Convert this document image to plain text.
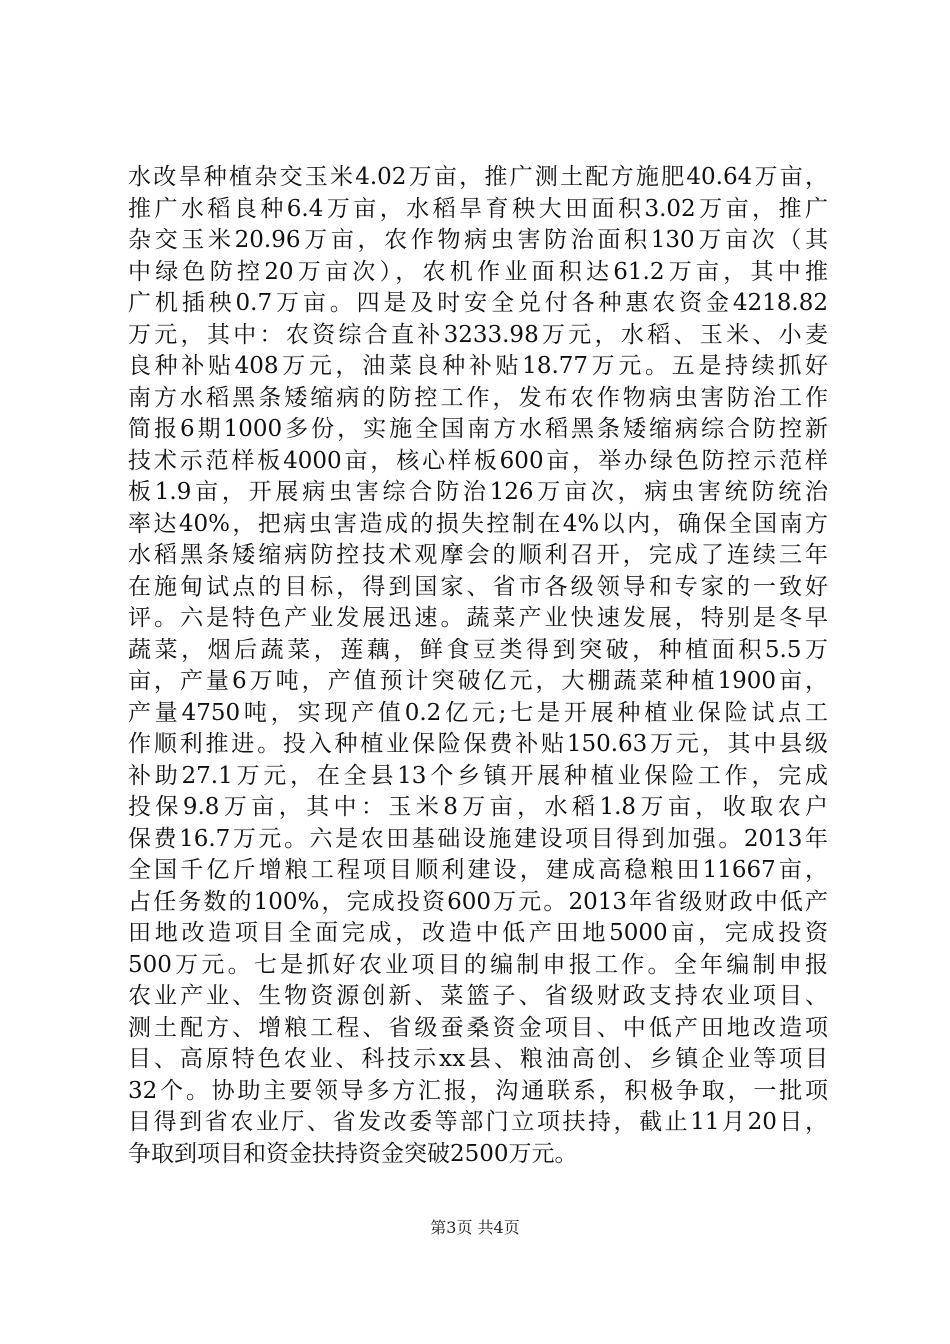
水改旱种植杂交玉米4.02万亩，推广测土配方施肥40.64万亩，
推广水稻良种6.4万亩，水稻旱育秧大田面积3.02万亩，推广
杂交玉米20.96万亩，农作物病虫害防治面积130万亩次（其
中绿色防控20万亩次），农机作业面积达61.2万亩，其中推
广机插秧0.7万亩。四是及时安全兑付各种惠农资金4218.82
万元，其中：农资综合直补3233.98万元，水稻、玉米、小麦
良种补贴408万元，油菜良种补贴18.77万元。五是持续抓好
南方水稻黑条矮缩病的防控工作，发布农作物病虫害防治工作
简报6期1000多份，实施全国南方水稻黑条矮缩病综合防控新
技术示范样板4000亩，核心样板600亩，举办绿色防控示范样
板1.9亩，开展病虫害综合防治126万亩次，病虫害统防统治
率达40%，把病虫害造成的损失控制在4%以内，确保全国南方
水稻黑条矮缩病防控技术观摩会的顺利召开，完成了连续三年
在施甸试点的目标，得到国家、省市各级领导和专家的一致好
评。六是特色产业发展迅速。蔬菜产业快速发展，特别是冬早
蔬菜，烟后蔬菜，莲藕，鲜食豆类得到突破，种植面积5.5万
亩，产量6万吨，产值预计突破亿元，大棚蔬菜种植1900亩，
产量4750吨，实现产值0.2亿元;七是开展种植业保险试点工
作顺利推进。投入种植业保险保费补贴150.63万元，其中县级
补助27.1万元，在全县13个乡镇开展种植业保险工作，完成
投保9.8万亩，其中：玉米8万亩，水稻1.8万亩，收取农户
保费16.7万元。六是农田基础设施建设项目得到加强。2013年
全国千亿斤增粮工程项目顺利建设，建成高稳粮田11667亩，
占任务数的100%，完成投资600万元。2013年省级财政中低产
田地改造项目全面完成，改造中低产田地5000亩，完成投资
500万元。七是抓好农业项目的编制申报工作。全年编制申报
农业产业、生物资源创新、菜篮子、省级财政支持农业项目、
测土配方、增粮工程、省级蚕桑资金项目、中低产田地改造项
目、高原特色农业、科技示xx县、粮油高创、乡镇企业等项目
32个。协助主要领导多方汇报，沟通联系，积极争取，一批项
目得到省农业厅、省发改委等部门立项扶持，截止11月20日，
争取到项目和资金扶持资金突破2500万元。
第3页 共4页
